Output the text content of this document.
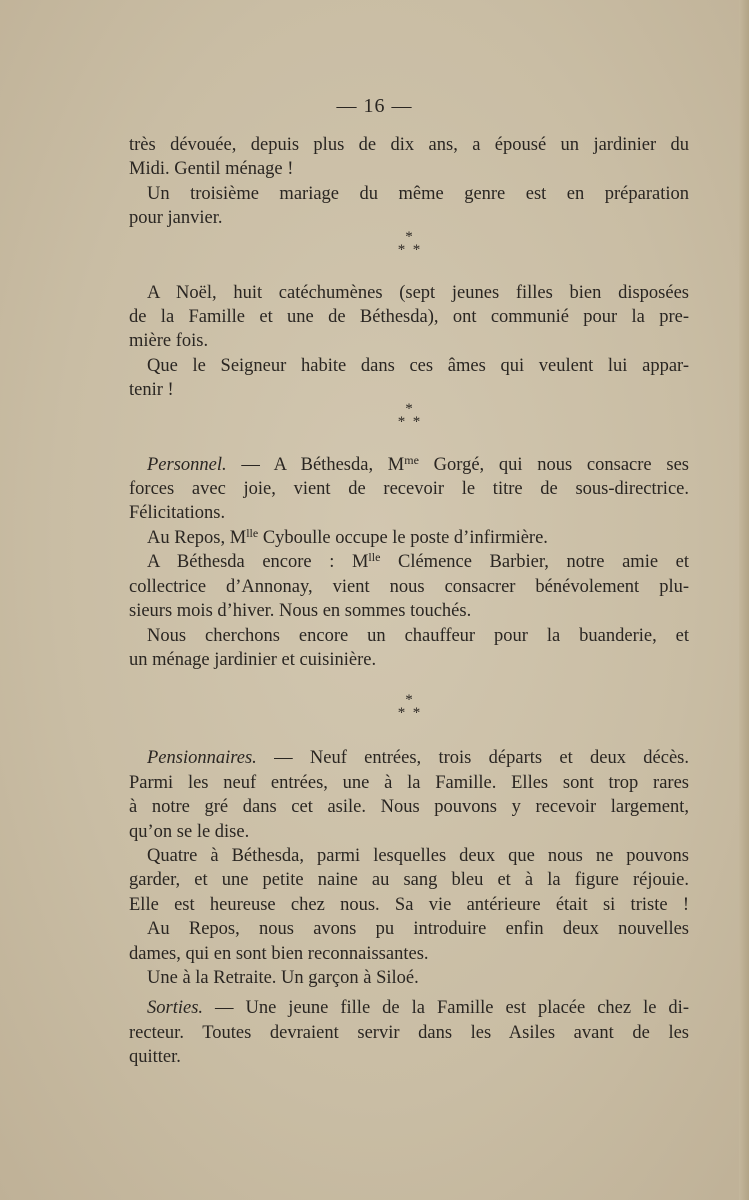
— 16 —
très dévouée, depuis plus de dix ans, a épousé un jardinier du
Midi. Gentil ménage !
Un troisième mariage du même genre est en préparation
pour janvier.
*
* *
A Noël, huit catéchumènes (sept jeunes filles bien disposées
de la Famille et une de Béthesda), ont communié pour la pre-
mière fois.
Que le Seigneur habite dans ces âmes qui veulent lui appar-
tenir !
*
* *
Personnel. — A Béthesda, $M^{me}$ Gorgé, qui nous consacre ses
forces avec joie, vient de recevoir le titre de sous-directrice.
Félicitations.
Au Repos, $M^{lle}$ Cyboulle occupe le poste d’infirmière.
A Béthesda encore : $M^{lle}$ Clémence Barbier, notre amie et
collectrice d’Annonay, vient nous consacrer bénévolement plu-
sieurs mois d’hiver. Nous en sommes touchés.
Nous cherchons encore un chauffeur pour la buanderie, et
un ménage jardinier et cuisinière.
*
* *
Pensionnaires. — Neuf entrées, trois départs et deux décès.
Parmi les neuf entrées, une à la Famille. Elles sont trop rares
à notre gré dans cet asile. Nous pouvons y recevoir largement,
qu’on se le dise.
Quatre à Béthesda, parmi lesquelles deux que nous ne pouvons
garder, et une petite naine au sang bleu et à la figure réjouie.
Elle est heureuse chez nous. Sa vie antérieure était si triste !
Au Repos, nous avons pu introduire enfin deux nouvelles
dames, qui en sont bien reconnaissantes.
Une à la Retraite. Un garçon à Siloé.
Sorties. — Une jeune fille de la Famille est placée chez le di-
recteur. Toutes devraient servir dans les Asiles avant de les
quitter.
